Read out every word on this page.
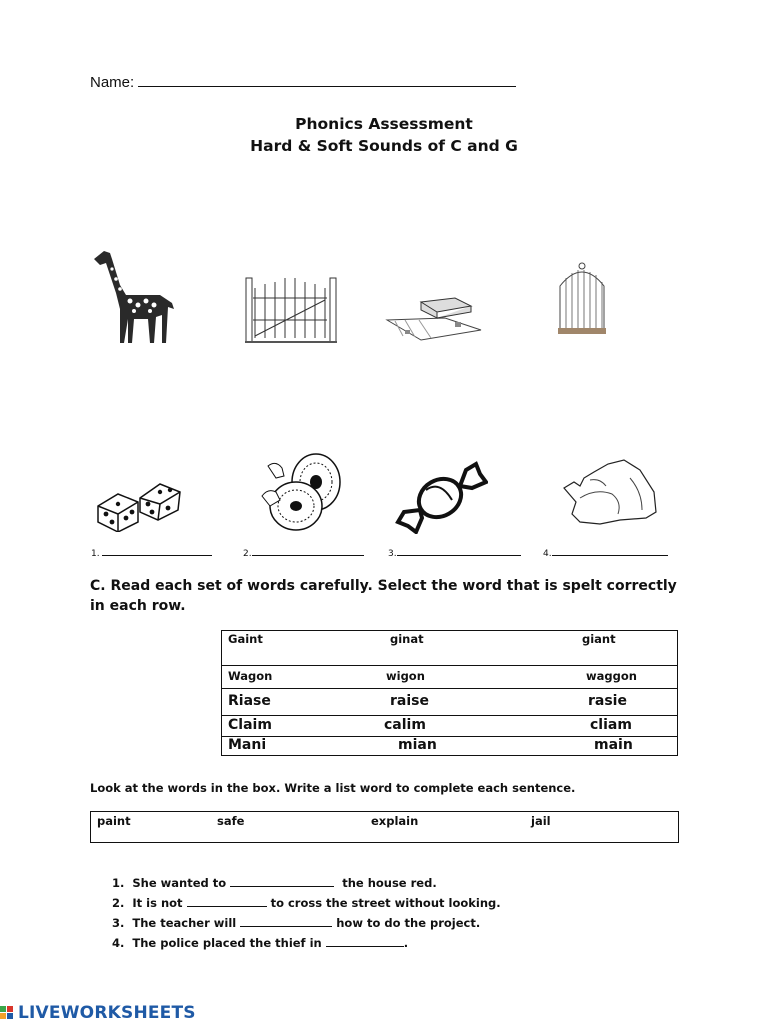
Name:
Phonics Assessment
Hard & Soft Sounds of C and G
1.	2.	3.	4.
C. Read each set of words carefully. Select the word that is spelt correctly in each row.
Gaint	ginat	giant

Wagon	wigon	waggon

Riase	raise	rasie

Claim	calim	cliam

Mani	mian	main
Look at the words in the box. Write a list word to complete each sentence.
paint	safe	explain	jail
1. She wanted to	the house red.
2. It is not	to cross the street without looking.
3. The teacher will	how to do the project.
4. The police placed the thief in	.
LIVEWORKSHEETS
